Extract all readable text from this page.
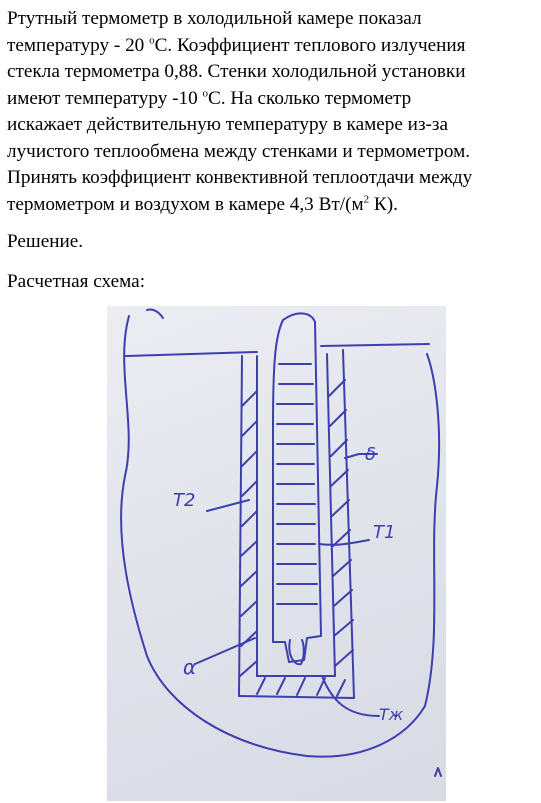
Ртутный термометр в холодильной камере показал
температуру - 20 $^o$С. Коэффициент теплового излучения
стекла термометра 0,88. Стенки холодильной установки
имеют температуру -10 $^o$С. На сколько термометр
искажает действительную температуру в камере из-за
лучистого теплообмена между стенками и термометром.
Принять коэффициент конвективной теплоотдачи между
термометром и воздухом в камере 4,3 $Вт/(м^2$ К).

Решение.

Расчетная схема:

T2
δ
T1
α
Tж
